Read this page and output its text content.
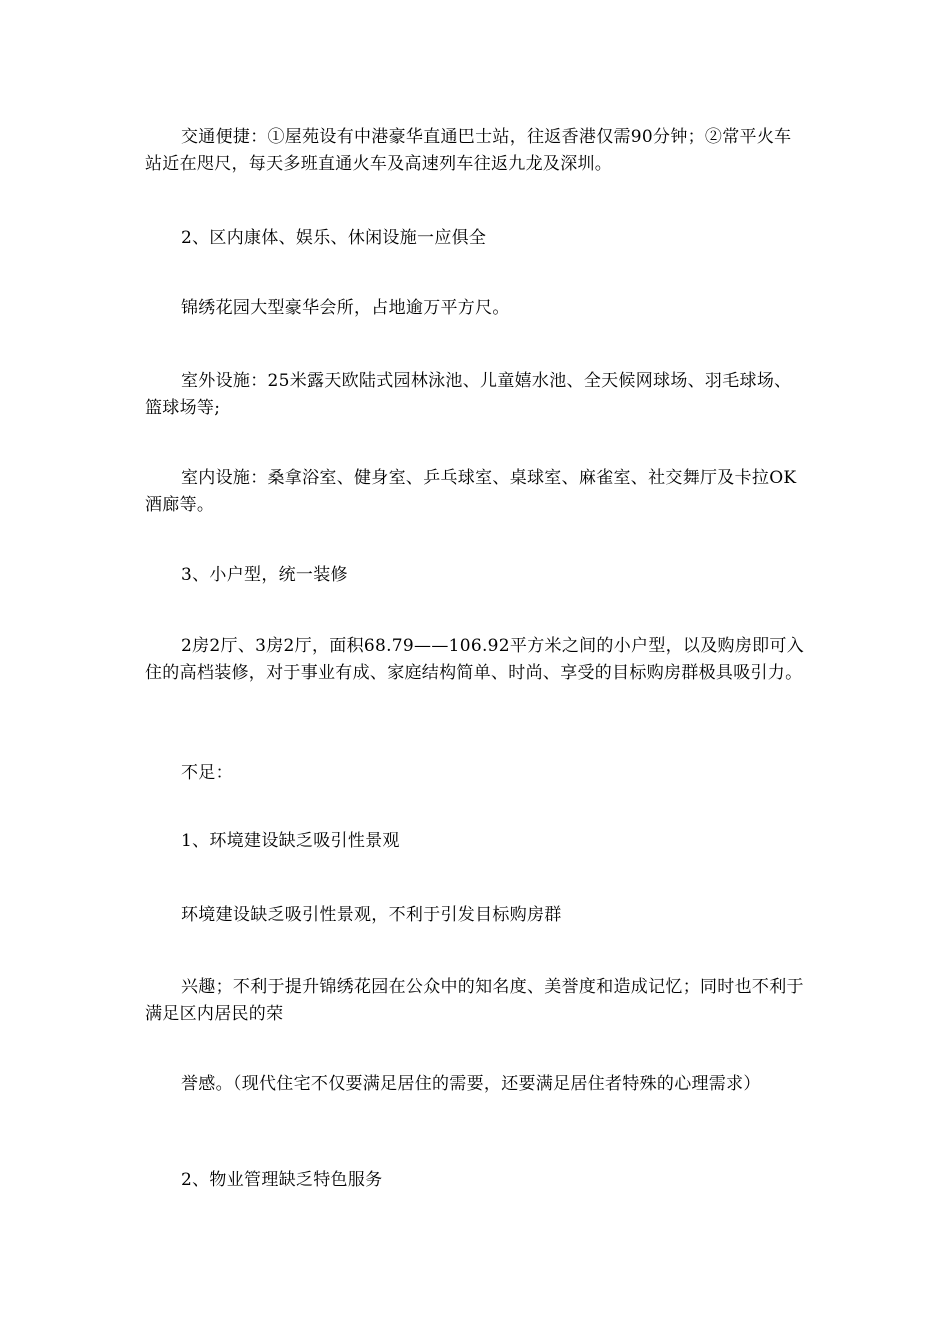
交通便捷：①屋苑设有中港豪华直通巴士站，往返香港仅需90分钟；②常平火车站近在咫尺，每天多班直通火车及高速列车往返九龙及深圳。

2、区内康体、娱乐、休闲设施一应俱全

锦绣花园大型豪华会所，占地逾万平方尺。

室外设施：25米露天欧陆式园林泳池、儿童嬉水池、全天候网球场、羽毛球场、篮球场等;

室内设施：桑拿浴室、健身室、乒乓球室、桌球室、麻雀室、社交舞厅及卡拉OK酒廊等。

3、小户型，统一装修

2房2厅、3房2厅，面积68.79——106.92平方米之间的小户型，以及购房即可入住的高档装修，对于事业有成、家庭结构简单、时尚、享受的目标购房群极具吸引力。

不足：

1、环境建设缺乏吸引性景观

环境建设缺乏吸引性景观，不利于引发目标购房群

兴趣；不利于提升锦绣花园在公众中的知名度、美誉度和造成记忆；同时也不利于满足区内居民的荣

誉感。（现代住宅不仅要满足居住的需要，还要满足居住者特殊的心理需求）

2、物业管理缺乏特色服务
